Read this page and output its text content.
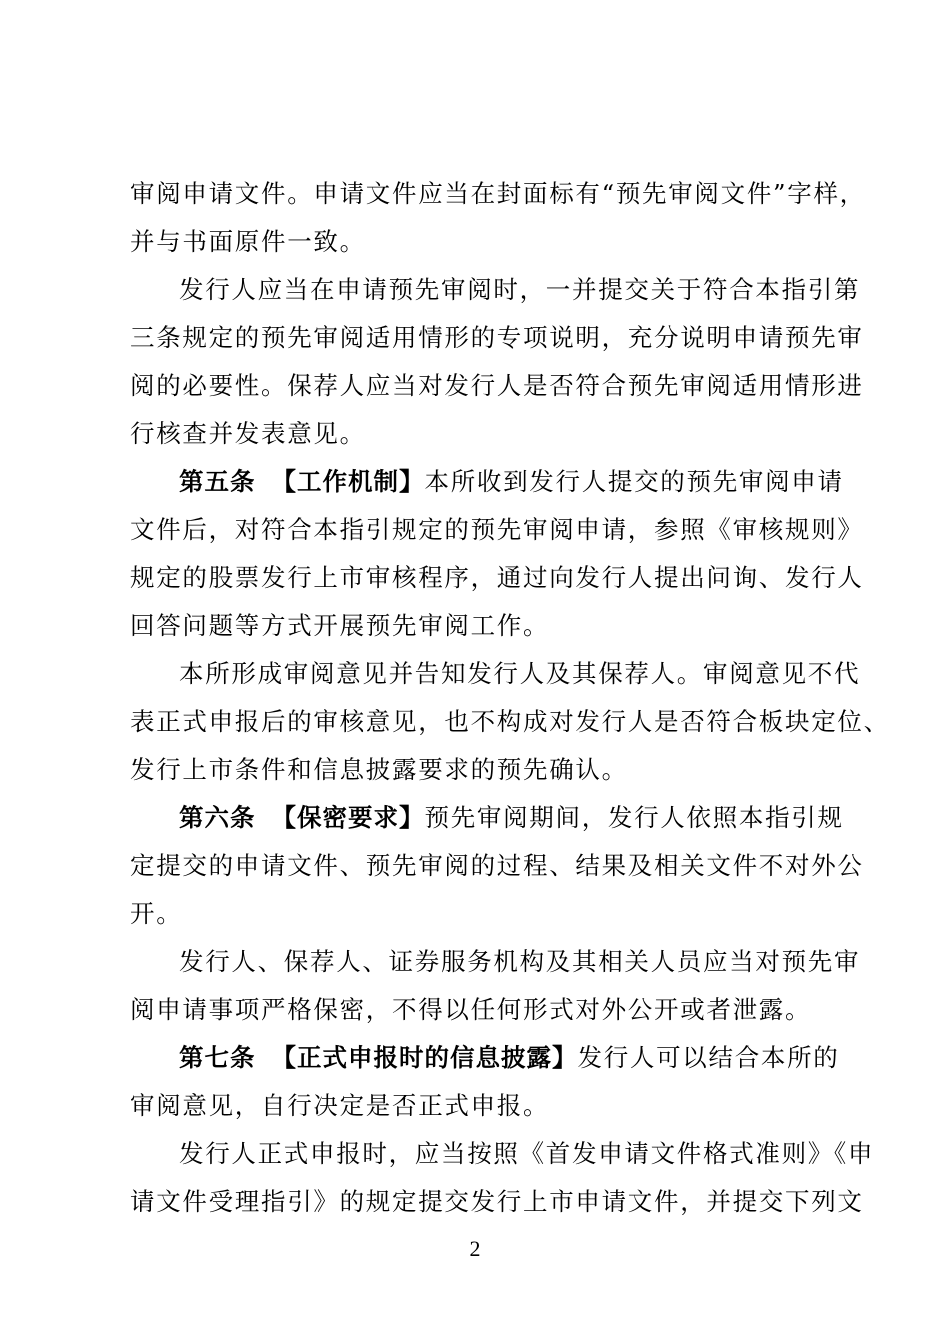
审阅申请文件。申请文件应当在封面标有“预先审阅文件”字样，
并与书面原件一致。
发行人应当在申请预先审阅时，一并提交关于符合本指引第
三条规定的预先审阅适用情形的专项说明，充分说明申请预先审
阅的必要性。保荐人应当对发行人是否符合预先审阅适用情形进
行核查并发表意见。
第五条 【工作机制】本所收到发行人提交的预先审阅申请
文件后，对符合本指引规定的预先审阅申请，参照《审核规则》
规定的股票发行上市审核程序，通过向发行人提出问询、发行人
回答问题等方式开展预先审阅工作。
本所形成审阅意见并告知发行人及其保荐人。审阅意见不代
表正式申报后的审核意见，也不构成对发行人是否符合板块定位、
发行上市条件和信息披露要求的预先确认。
第六条 【保密要求】预先审阅期间，发行人依照本指引规
定提交的申请文件、预先审阅的过程、结果及相关文件不对外公
开。
发行人、保荐人、证券服务机构及其相关人员应当对预先审
阅申请事项严格保密，不得以任何形式对外公开或者泄露。
第七条 【正式申报时的信息披露】发行人可以结合本所的
审阅意见，自行决定是否正式申报。
发行人正式申报时，应当按照《首发申请文件格式准则》《申
请文件受理指引》的规定提交发行上市申请文件，并提交下列文
2
